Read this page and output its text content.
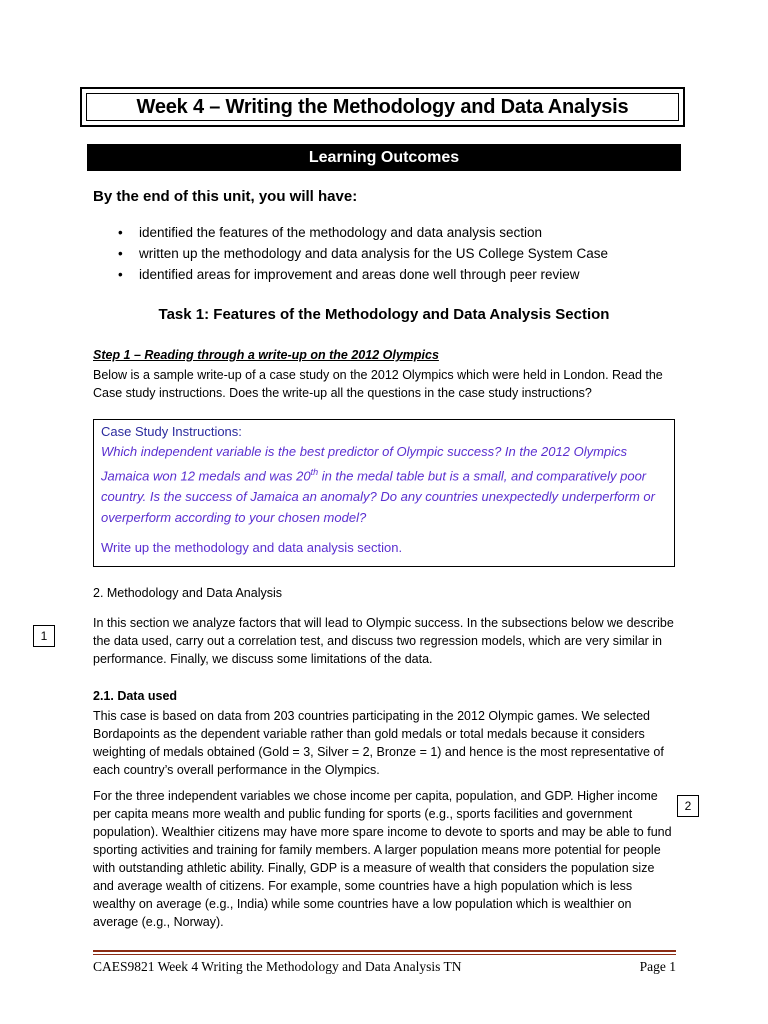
Week 4 – Writing the Methodology and Data Analysis
Learning Outcomes
By the end of this unit, you will have:
• identified the features of the methodology and data analysis section
• written up the methodology and data analysis for the US College System Case
• identified areas for improvement and areas done well through peer review
Task 1: Features of the Methodology and Data Analysis Section
Step 1 – Reading through a write-up on the 2012 Olympics
Below is a sample write-up of a case study on the 2012 Olympics which were held in London. Read the Case study instructions. Does the write-up all the questions in the case study instructions?
Case Study Instructions:
Which independent variable is the best predictor of Olympic success? In the 2012 Olympics Jamaica won 12 medals and was 20th in the medal table but is a small, and comparatively poor country. Is the success of Jamaica an anomaly? Do any countries unexpectedly underperform or overperform according to your chosen model?
Write up the methodology and data analysis section.
2. Methodology and Data Analysis
1
In this section we analyze factors that will lead to Olympic success. In the subsections below we describe the data used, carry out a correlation test, and discuss two regression models, which are very similar in performance. Finally, we discuss some limitations of the data.
2.1. Data used
This case is based on data from 203 countries participating in the 2012 Olympic games. We selected Bordapoints as the dependent variable rather than gold medals or total medals because it considers weighting of medals obtained (Gold = 3, Silver = 2, Bronze = 1) and hence is the most representative of each country’s overall performance in the Olympics.
2
For the three independent variables we chose income per capita, population, and GDP. Higher income per capita means more wealth and public funding for sports (e.g., sports facilities and government population). Wealthier citizens may have more spare income to devote to sports and may be able to fund sporting activities and training for family members. A larger population means more potential for people with outstanding athletic ability. Finally, GDP is a measure of wealth that considers the population size and average wealth of citizens. For example, some countries have a high population which is less wealthy on average (e.g., India) while some countries have a low population which is wealthier on average (e.g., Norway).
CAES9821 Week 4 Writing the Methodology and Data Analysis TN	Page 1
